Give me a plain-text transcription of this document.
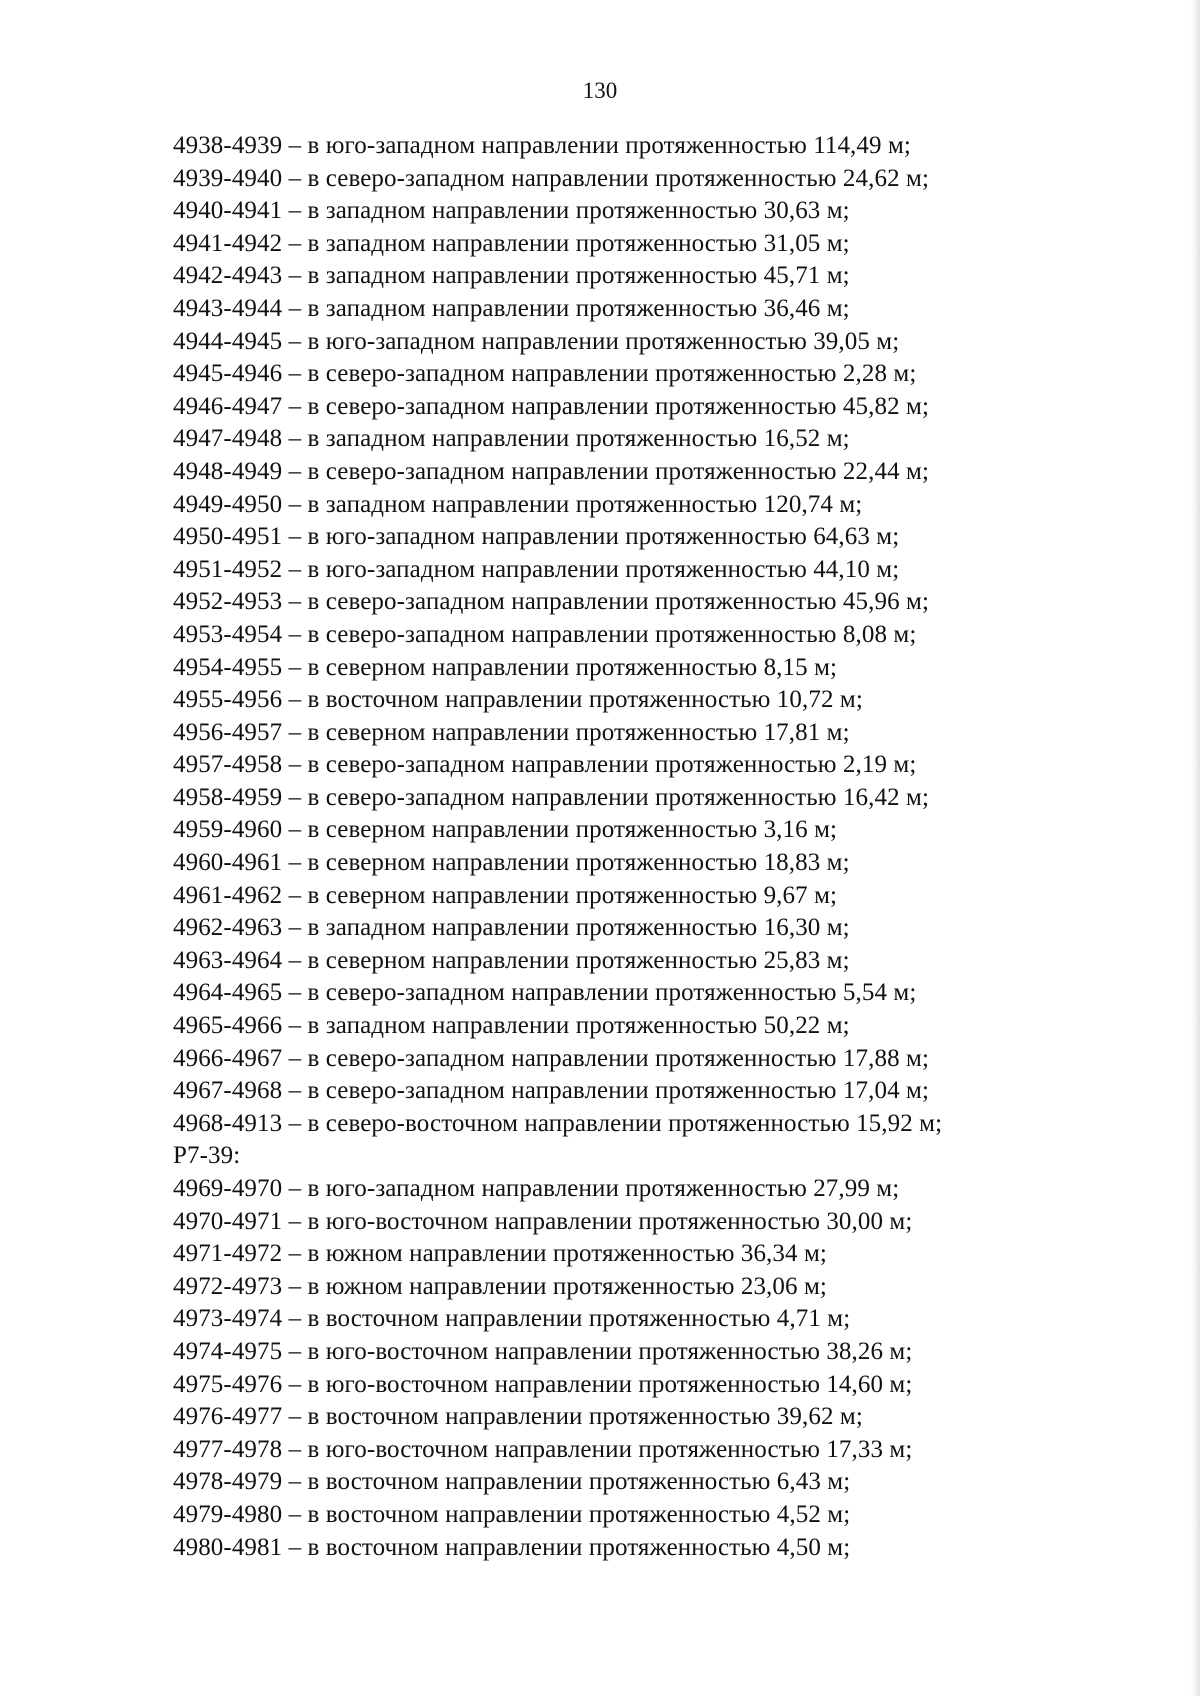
130
4938-4939 – в юго-западном направлении протяженностью 114,49 м;
4939-4940 – в северо-западном направлении протяженностью 24,62 м;
4940-4941 – в западном направлении протяженностью 30,63 м;
4941-4942 – в западном направлении протяженностью 31,05 м;
4942-4943 – в западном направлении протяженностью 45,71 м;
4943-4944 – в западном направлении протяженностью 36,46 м;
4944-4945 – в юго-западном направлении протяженностью 39,05 м;
4945-4946 – в северо-западном направлении протяженностью 2,28 м;
4946-4947 – в северо-западном направлении протяженностью 45,82 м;
4947-4948 – в западном направлении протяженностью 16,52 м;
4948-4949 – в северо-западном направлении протяженностью 22,44 м;
4949-4950 – в западном направлении протяженностью 120,74 м;
4950-4951 – в юго-западном направлении протяженностью 64,63 м;
4951-4952 – в юго-западном направлении протяженностью 44,10 м;
4952-4953 – в северо-западном направлении протяженностью 45,96 м;
4953-4954 – в северо-западном направлении протяженностью 8,08 м;
4954-4955 – в северном направлении протяженностью 8,15 м;
4955-4956 – в восточном направлении протяженностью 10,72 м;
4956-4957 – в северном направлении протяженностью 17,81 м;
4957-4958 – в северо-западном направлении протяженностью 2,19 м;
4958-4959 – в северо-западном направлении протяженностью 16,42 м;
4959-4960 – в северном направлении протяженностью 3,16 м;
4960-4961 – в северном направлении протяженностью 18,83 м;
4961-4962 – в северном направлении протяженностью 9,67 м;
4962-4963 – в западном направлении протяженностью 16,30 м;
4963-4964 – в северном направлении протяженностью 25,83 м;
4964-4965 – в северо-западном направлении протяженностью 5,54 м;
4965-4966 – в западном направлении протяженностью 50,22 м;
4966-4967 – в северо-западном направлении протяженностью 17,88 м;
4967-4968 – в северо-западном направлении протяженностью 17,04 м;
4968-4913 – в северо-восточном направлении протяженностью 15,92 м;
Р7-39:
4969-4970 – в юго-западном направлении протяженностью 27,99 м;
4970-4971 – в юго-восточном направлении протяженностью 30,00 м;
4971-4972 – в южном направлении протяженностью 36,34 м;
4972-4973 – в южном направлении протяженностью 23,06 м;
4973-4974 – в восточном направлении протяженностью 4,71 м;
4974-4975 – в юго-восточном направлении протяженностью 38,26 м;
4975-4976 – в юго-восточном направлении протяженностью 14,60 м;
4976-4977 – в восточном направлении протяженностью 39,62 м;
4977-4978 – в юго-восточном направлении протяженностью 17,33 м;
4978-4979 – в восточном направлении протяженностью 6,43 м;
4979-4980 – в восточном направлении протяженностью 4,52 м;
4980-4981 – в восточном направлении протяженностью 4,50 м;
